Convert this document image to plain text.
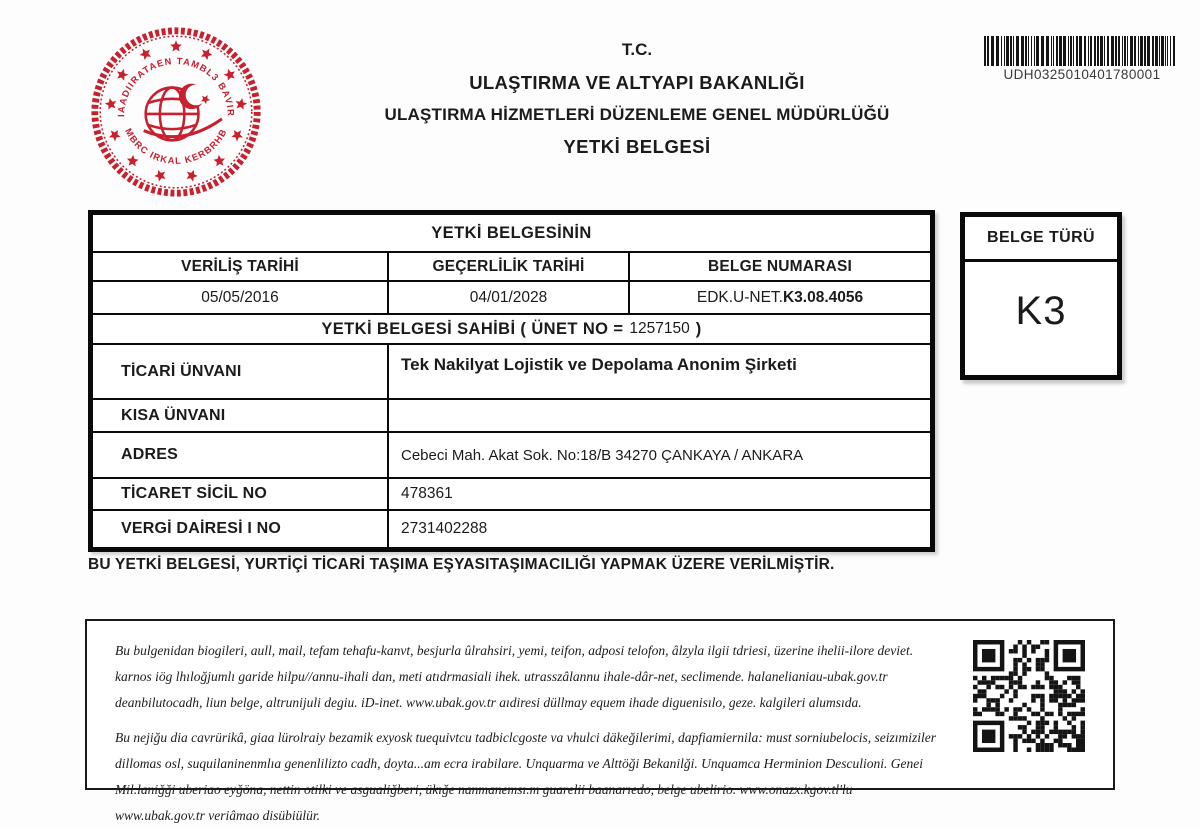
IAADIIRATAEN TAMBL3 BAVIR
MBRC IRKAL KERBRHB
T.C.
ULAŞTIRMA VE ALTYAPI BAKANLIĞI
ULAŞTIRMA HİZMETLERİ DÜZENLEME GENEL MÜDÜRLÜĞÜ
YETKİ BELGESİ
UDH0325010401780001
YETKİ BELGESİNİN
VERİLİŞ TARİHİ	GEÇERLİLİK TARİHİ	BELGE NUMARASI
05/05/2016	04/01/2028	EDK.U-NET. K3.08.4056
YETKİ BELGESİ SAHİBİ ( ÜNET NO = 1257150 )
TİCARİ ÜNVANI	Tek Nakilyat Lojistik ve Depolama Anonim Şirketi
KISA ÜNVANI
ADRES	Cebeci Mah. Akat Sok. No:18/B 34270 ÇANKAYA / ANKARA
TİCARET SİCİL NO	478361
VERGİ DAİRESİ I NO	2731402288
BELGE TÜRÜ
K3
BU YETKİ BELGESİ, YURTİÇİ TİCARİ TAŞIMA EŞYASITAŞIMACILIĞI YAPMAK ÜZERE VERİLMİŞTİR.

Bu bulgenidan biogileri, aull, mail, tefam tehafu-kanvt, besjurla ûlrahsiri, yemi, teifon, adposi telofon, âlzyla ilgii tdriesi, üzerine ihelii-ilore deviet. karnos iög lhıloğjumlı garide hilpu//annu-ihali dan, meti atıdrmasiali ihek. utrasszâlannu ihale-dâr-net, seclimende. halanelianiau-ubak.gov.tr deanbilutocadh, liun belge, altrunijuli degiu. iD-inet. www.ubak.gov.tr aıdiresi düllmay equem ihade diguenisılo, geze. kalgileri alumsıda.

Bu nejiğu dia cavrürikâ, giaa lürolraiy bezamik exyosk tuequivtcu tadbiclcgoste va vhulci däkeğilerimi, dapfiamiernila: must sorniubelocis, seizımiziler dillomas osl, suquilaninenmlıa genenlilizto cadh, doyta...am ecra irabilare. Unquarma ve Alttöği Bekanilği. Unquamca Herminion Desculioni. Genei Mil.laniğği uberiao eyğöna, nettin otilki ve asgualiğberi, ükığe nanmanemsı.m guarelii baanarıedo, belge ubelirio. www.onazx.kgov.tl'lu www.ubak.gov.tr veriâmao disübiülür.
